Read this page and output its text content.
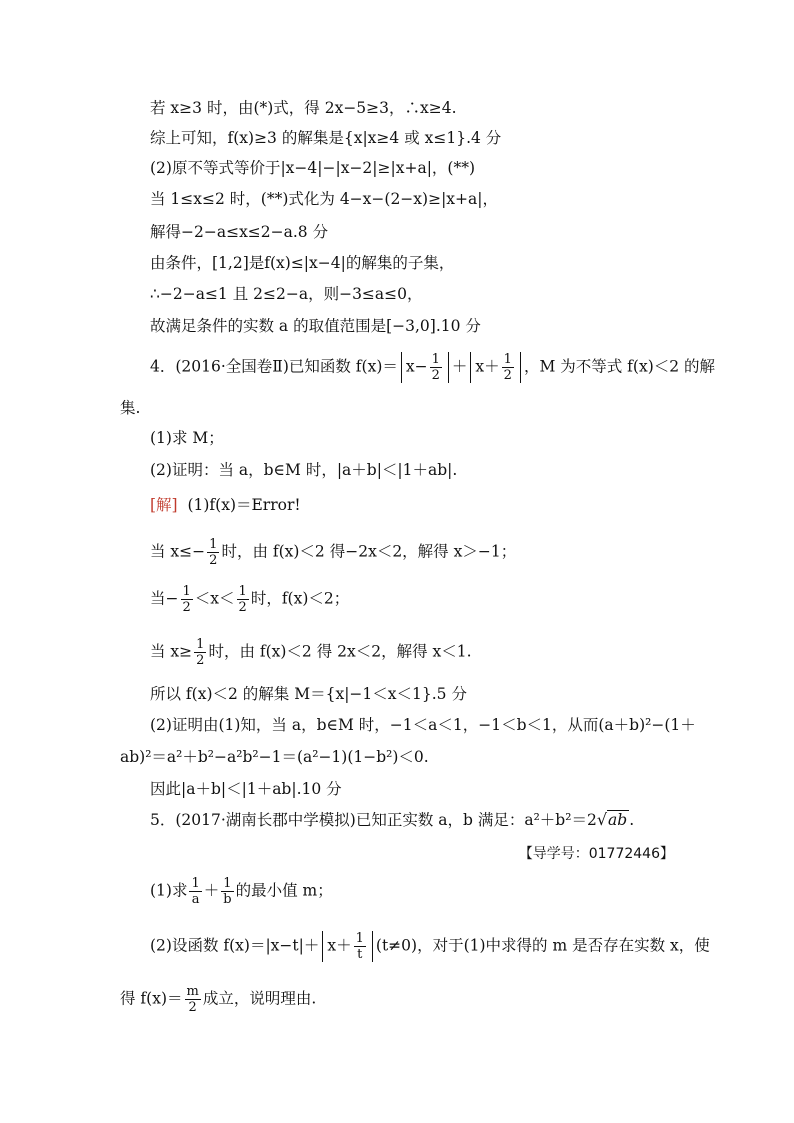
若 x≥3 时，由(*)式，得 2x−5≥3，∴x≥4.
综上可知，f(x)≥3 的解集是{x|x≥4 或 x≤1}.4 分
(2)原不等式等价于|x−4|−|x−2|≥|x+a|，(**)
当 1≤x≤2 时，(**)式化为 4−x−(2−x)≥|x+a|，
解得−2−a≤x≤2−a.8 分
由条件，[1,2]是f(x)≤|x−4|的解集的子集，
∴−2−a≤1 且 2≤2−a，则−3≤a≤0，
故满足条件的实数 a 的取值范围是[−3,0].10 分
4．(2016·全国卷Ⅱ)已知函数 $f(x)= x- \frac{1}{2} + x+ \frac{1}{2}$ ，M 为不等式 f(x)＜2 的解
集.
(1)求 M；
(2)证明：当 a，b∈M 时，|a＋b|＜|1＋ab|.
[解] (1)f(x)＝Error!
当 $x\le- \frac{1}{2}$ 时，由 f(x)＜2 得−2x＜2，解得 x＞−1；
当− $\frac{1}{2} <x< \frac{1}{2}$ 时，f(x)＜2；
当 $x\ge \frac{1}{2}$ 时，由 f(x)＜2 得 2x＜2，解得 x＜1.
所以 f(x)＜2 的解集 M＝{x|−1＜x＜1}.5 分
(2)证明由(1)知，当 a，b∈M 时，−1＜a＜1，−1＜b＜1，从而(a＋b)²−(1＋
ab)²＝a²＋b²−a²b²−1＝(a²−1)(1−b²)＜0.
因此|a＋b|＜|1＋ab|.10 分
5．(2017·湖南长郡中学模拟)已知正实数 a，b 满足：a²＋b²＝2√ab .
【导学号：01772446】
(1)求 $\frac{1}{a} + \frac{1}{b}$ 的最小值 m；
(2)设函数 $f(x)=|x-t|+ x+ \frac{1}{t} (t\ne 0)$，对于(1)中求得的 m 是否存在实数 x，使
得 $f(x)= \frac{m}{2}$ 成立，说明理由.
